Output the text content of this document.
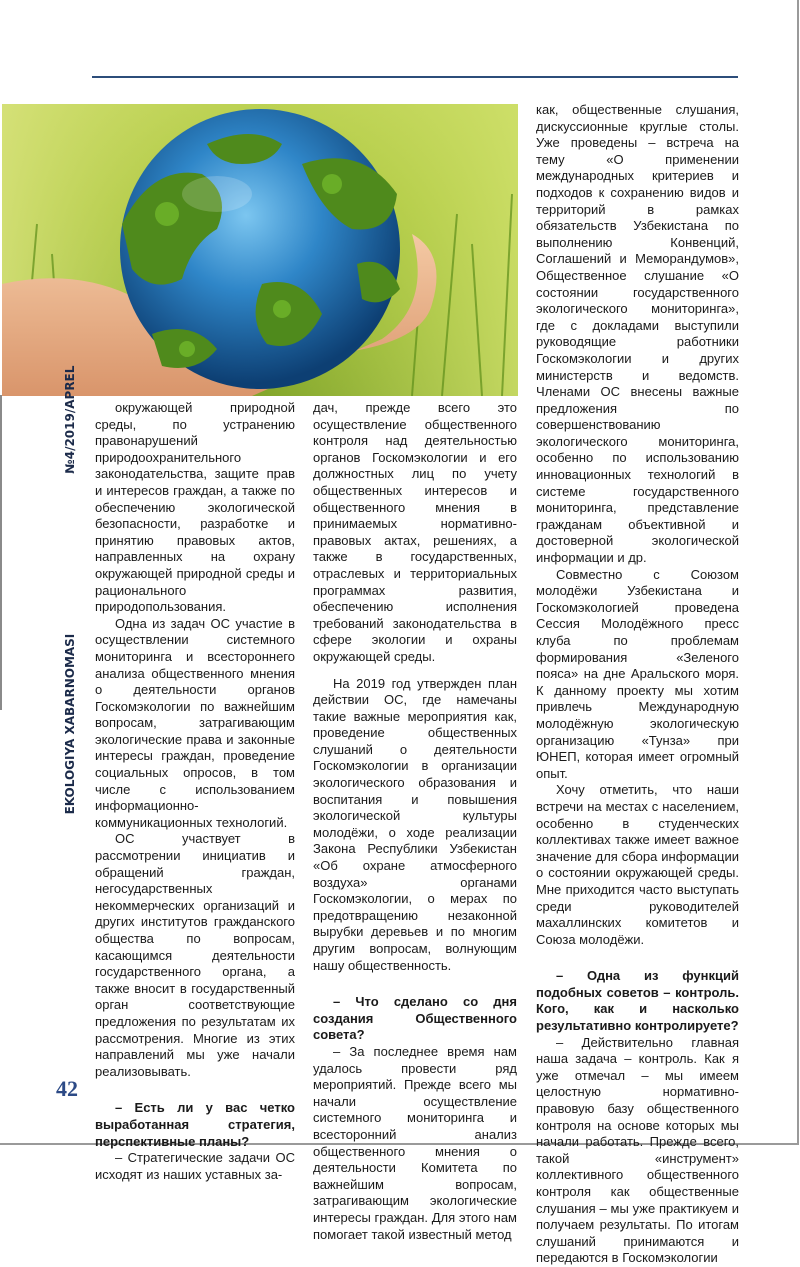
EKOLOGIYA XABARNOMASI№4/2019/APREL
42

окружающей природной среды, по устранению правонарушений природоохранительного законодательства, защите прав и интересов граждан, а также по обеспечению экологической безопасности, разработке и принятию правовых актов, направленных на охрану окружающей природной среды и рационального природопользования.

Одна из задач ОС участие в осуществлении системного мониторинга и всестороннего анализа общественного мнения о деятельности органов Госкомэкологии по важнейшим вопросам, затрагивающим экологические права и законные интересы граждан, проведение социальных опросов, в том числе с использованием информационно-коммуникационных технологий.

ОС участвует в рассмотрении инициатив и обращений граждан, негосударственных некоммерческих организаций и других институтов гражданского общества по вопросам, касающимся деятельности государственного органа, а также вносит в государственный орган соответствующие предложения по результатам их рассмотрения. Многие из этих направлений мы уже начали реализовывать.

– Есть ли у вас четко выработанная стратегия, перспективные планы?

– Стратегические задачи ОС исходят из наших уставных за-

дач, прежде всего это осуществление общественного контроля над деятельностью органов Госкомэкологии и его должностных лиц по учету общественных интересов и общественного мнения в принимаемых нормативно-правовых актах, решениях, а также в государственных, отраслевых и территориальных программах развития, обеспечению исполнения требований законодательства в сфере экологии и охраны окружающей среды.

На 2019 год утвержден план действии ОС, где намечаны такие важные мероприятия как, проведение общественных слушаний о деятельности Госкомэкологии в организации экологического образования и воспитания и повышения экологической культуры молодёжи, о ходе реализации Закона Республики Узбекистан «Об охране атмосферного воздуха» органами Госкомэкологии, о мерах по предотвращению незаконной вырубки деревьев и по многим другим вопросам, волнующим нашу общественность.

– Что сделано со дня создания Общественного совета?

– За последнее время нам удалось провести ряд мероприятий. Прежде всего мы начали осуществление системного мониторинга и всесторонний анализ общественного мнения о деятельности Комитета по важнейшим вопросам, затрагивающим экологические интересы граждан. Для этого нам помогает такой известный метод

как, общественные слушания, дискуссионные круглые столы. Уже проведены – встреча на тему «О применении международных критериев и подходов к сохранению видов и территорий в рамках обязательств Узбекистана по выполнению Конвенций, Соглашений и Меморандумов», Общественное слушание «О состоянии государственного экологического мониторинга», где с докладами выступили руководящие работники Госкомэкологии и других министерств и ведомств. Членами ОС внесены важные предложения по совершенствованию экологического мониторинга, особенно по использованию инновационных технологий в системе государственного мониторинга, представление гражданам объективной и достоверной экологической информации и др.

Совместно с Союзом молодёжи Узбекистана и Госкомэкологией проведена Сессия Молодёжного пресс клуба по проблемам формирования «Зеленого пояса» на дне Аральского моря. К данному проекту мы хотим привлечь Международную молодёжную экологическую организацию «Тунза» при ЮНЕП, которая имеет огромный опыт.

Хочу отметить, что наши встречи на местах с населением, особенно в студенческих коллективах также имеет важное значение для сбора информации о состоянии окружающей среды. Мне приходится часто выступать среди руководителей махаллинских комитетов и Союза молодёжи.

– Одна из функций подобных советов – контроль. Кого, как и насколько результативно контролируете?

– Действительно главная наша задача – контроль. Как я уже отмечал – мы имеем целостную нормативно-правовую базу общественного контроля на основе которых мы начали работать. Прежде всего, такой «инструмент» коллективного общественного контроля как общественные слушания – мы уже практикуем и получаем результаты. По итогам слушаний принимаются и передаются в Госкомэкологии
